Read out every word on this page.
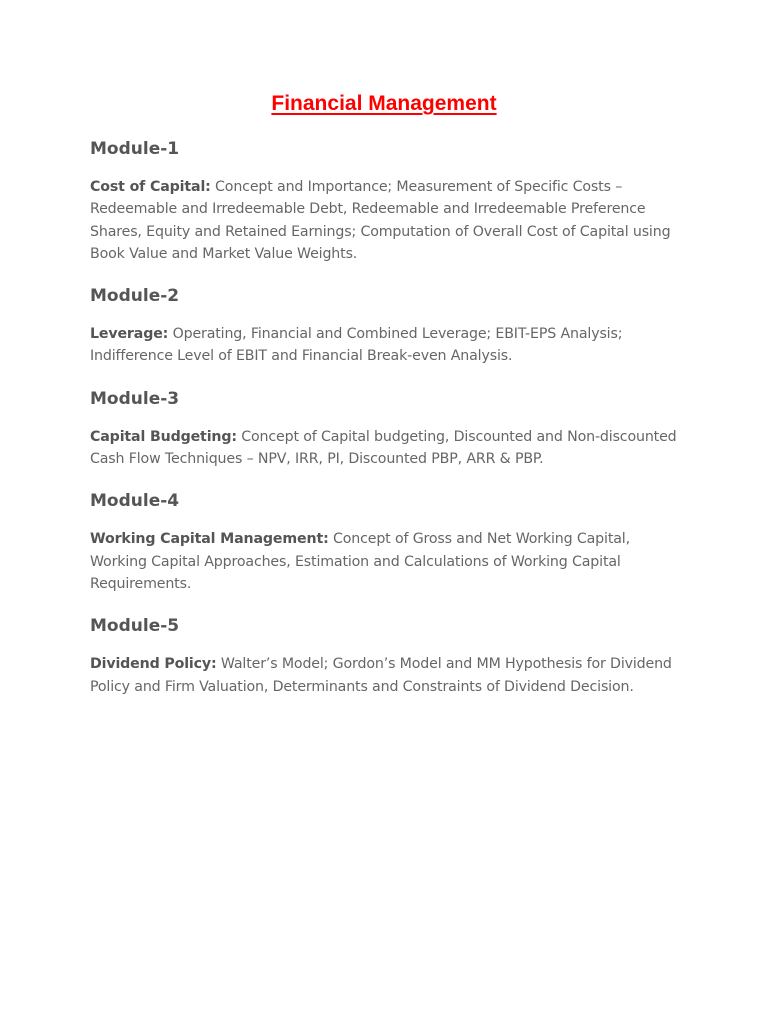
Financial Management
Module-1

Cost of Capital: Concept and Importance; Measurement of Specific Costs – Redeemable and Irredeemable Debt, Redeemable and Irredeemable Preference Shares, Equity and Retained Earnings; Computation of Overall Cost of Capital using Book Value and Market Value Weights.

Module-2

Leverage: Operating, Financial and Combined Leverage; EBIT-EPS Analysis; Indifference Level of EBIT and Financial Break-even Analysis.

Module-3

Capital Budgeting: Concept of Capital budgeting, Discounted and Non-discounted Cash Flow Techniques – NPV, IRR, PI, Discounted PBP, ARR & PBP.

Module-4

Working Capital Management: Concept of Gross and Net Working Capital, Working Capital Approaches, Estimation and Calculations of Working Capital Requirements.

Module-5

Dividend Policy: Walter’s Model; Gordon’s Model and MM Hypothesis for Dividend Policy and Firm Valuation, Determinants and Constraints of Dividend Decision.
